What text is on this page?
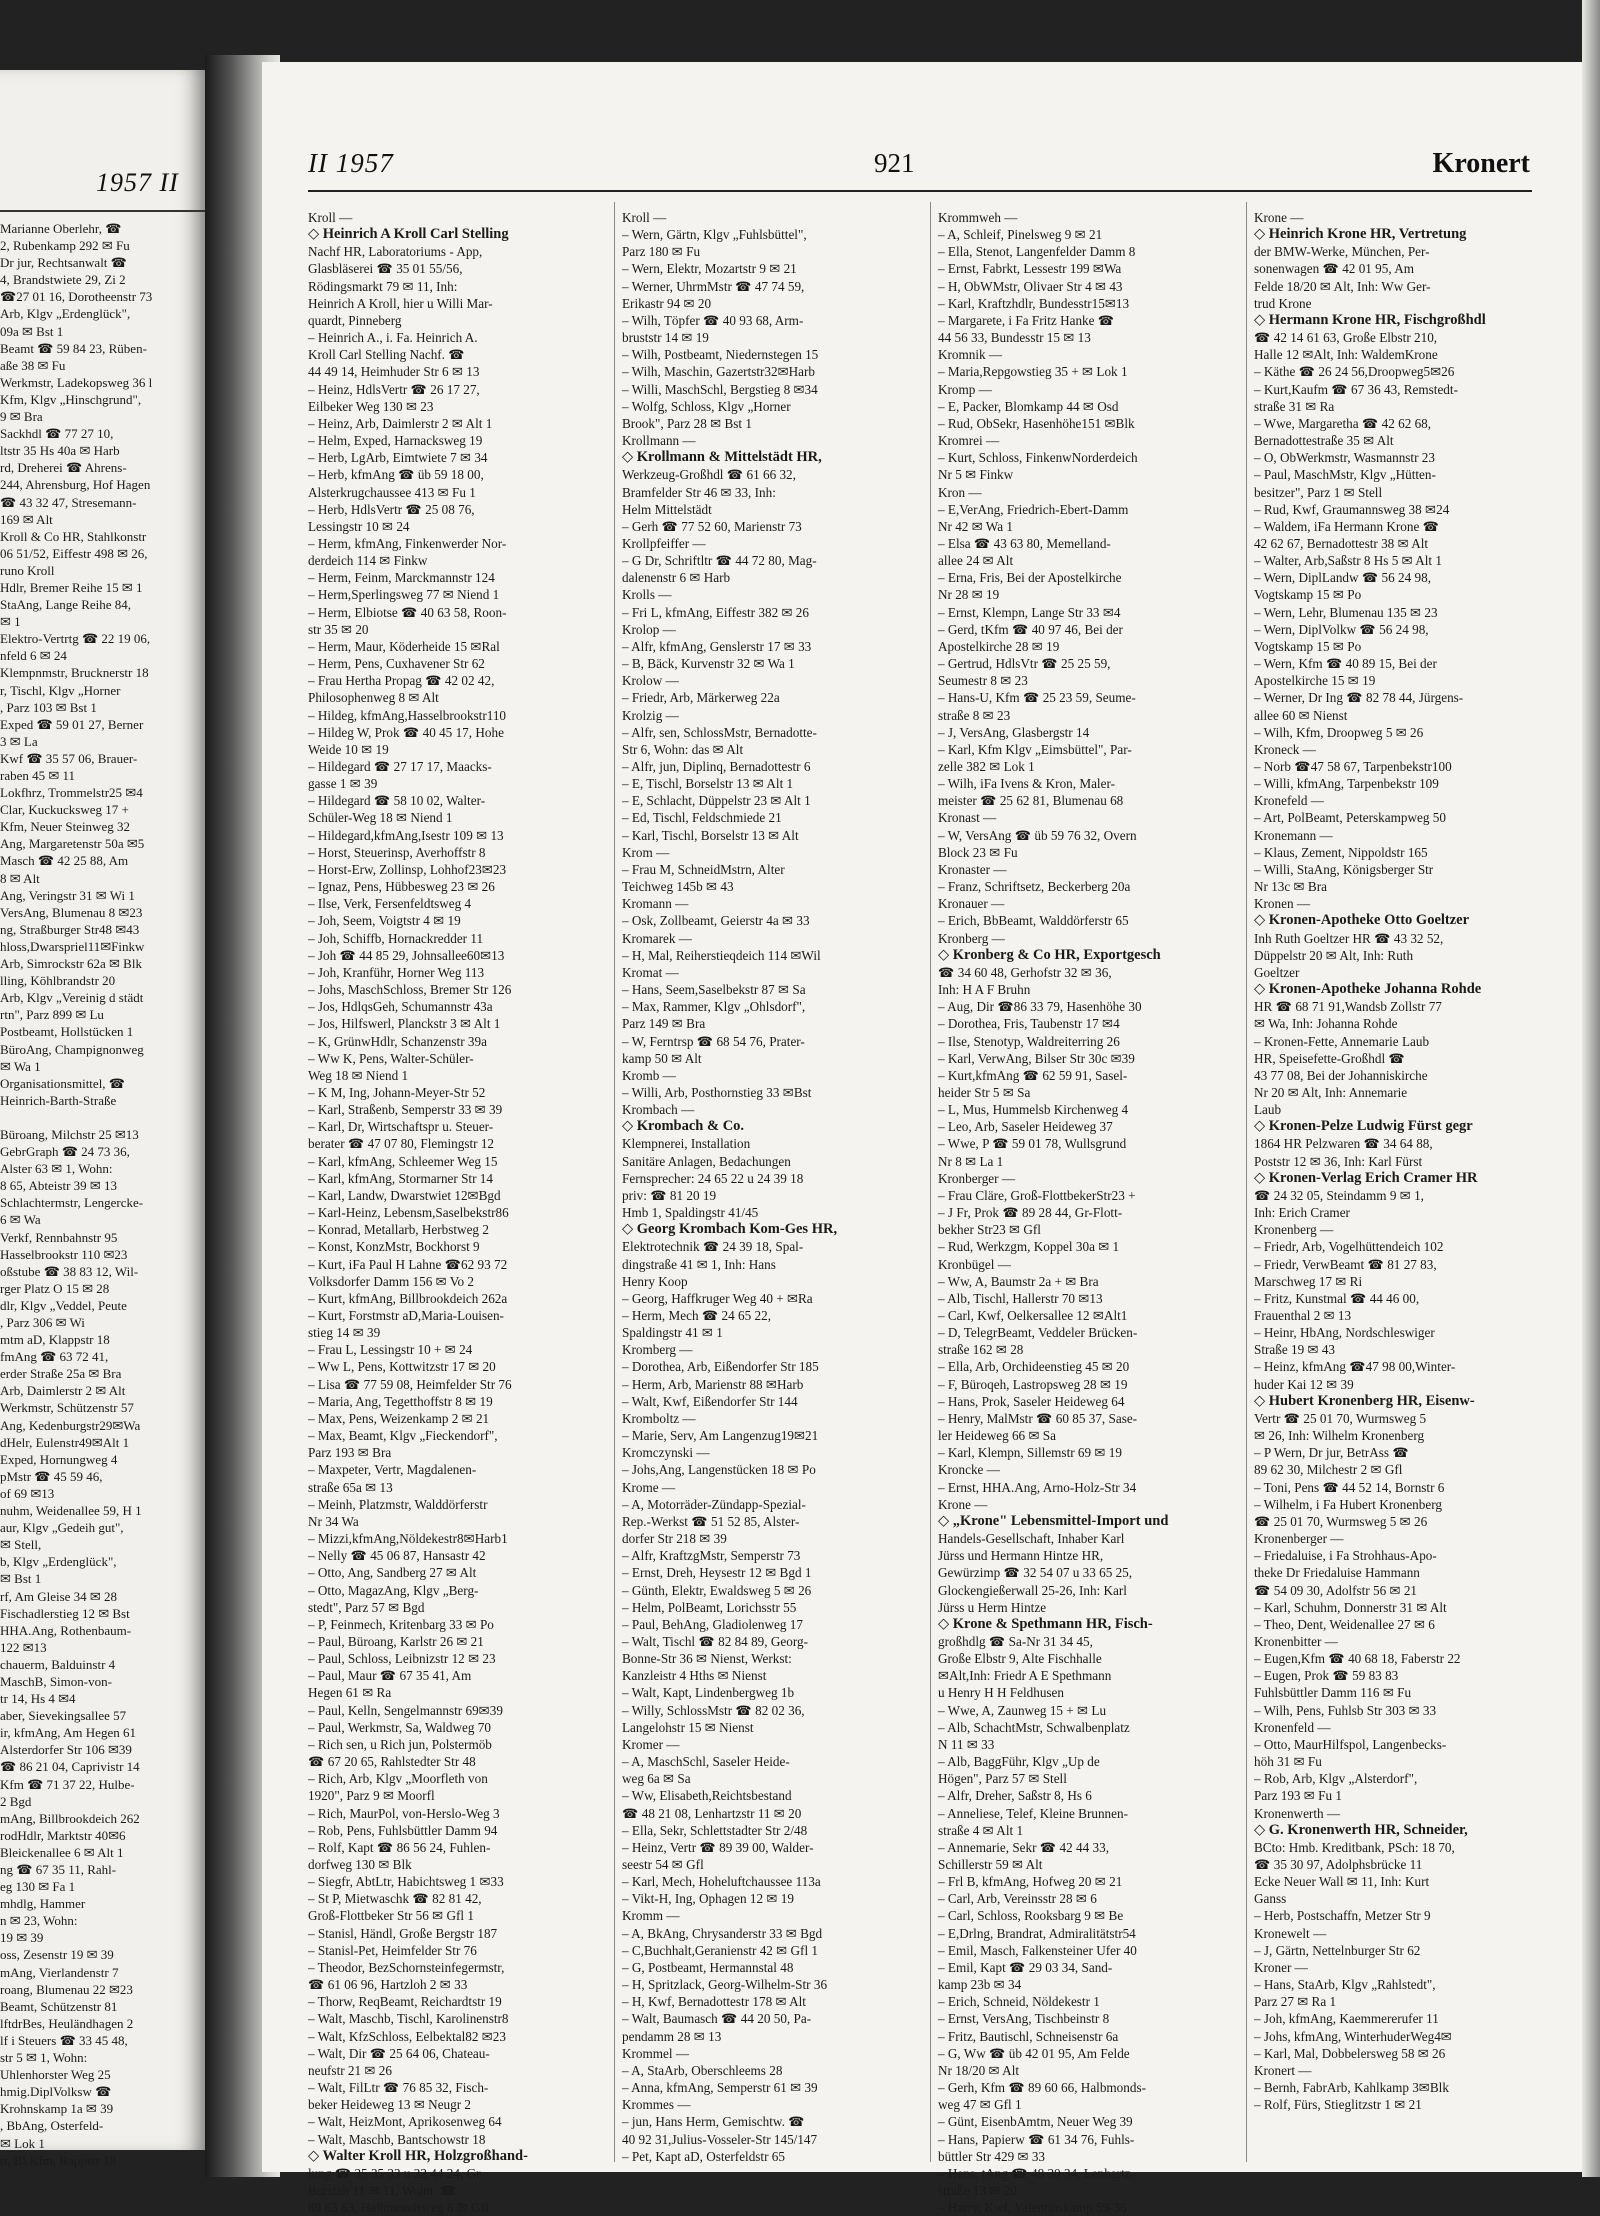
1957 II
Marianne Oberlehr, ☎
2, Rubenkamp 292 ✉ Fu
Dr jur, Rechtsanwalt ☎
4, Brandstwiete 29, Zi 2
☎27 01 16, Dorotheenstr 73
Arb, Klgv „Erdenglück",
09a ✉ Bst 1
Beamt ☎ 59 84 23, Rüben-
aße 38 ✉ Fu
Werkmstr, Ladekopsweg 36 l
Kfm, Klgv „Hinschgrund",
9 ✉ Bra
Sackhdl ☎ 77 27 10,
ltstr 35 Hs 40a ✉ Harb
rd, Dreherei ☎ Ahrens-
244, Ahrensburg, Hof Hagen
☎ 43 32 47, Stresemann-
169 ✉ Alt
Kroll & Co HR, Stahlkonstr
06 51/52, Eiffestr 498 ✉ 26,
runo Kroll
Hdlr, Bremer Reihe 15 ✉ 1
StaAng, Lange Reihe 84,
✉ 1
Elektro-Vertrtg ☎ 22 19 06,
nfeld 6 ✉ 24
Klempnmstr, Brucknerstr 18
r, Tischl, Klgv „Horner
, Parz 103 ✉ Bst 1
Exped ☎ 59 01 27, Berner
3 ✉ La
Kwf ☎ 35 57 06, Brauer-
raben 45 ✉ 11
Lokfhrz, Trommelstr25 ✉4
Clar, Kuckucksweg 17 +
Kfm, Neuer Steinweg 32
Ang, Margaretenstr 50a ✉5
Masch ☎ 42 25 88, Am
8 ✉ Alt
Ang, Veringstr 31 ✉ Wi 1
VersAng, Blumenau 8 ✉23
ng, Straßburger Str48 ✉43
hloss,Dwarspriel11✉Finkw
Arb, Simrockstr 62a ✉ Blk
lling, Köhlbrandstr 20
Arb, Klgv „Vereinig d städt
rtn", Parz 899 ✉ Lu
Postbeamt, Hollstücken 1
BüroAng, Champignonweg
✉ Wa 1
Organisationsmittel, ☎
Heinrich-Barth-Straße

Büroang, Milchstr 25 ✉13
GebrGraph ☎ 24 73 36,
Alster 63 ✉ 1, Wohn:
8 65, Abteistr 39 ✉ 13
Schlachtermstr, Lengercke-
6 ✉ Wa
Verkf, Rennbahnstr 95
Hasselbrookstr 110 ✉23
oßstube ☎ 38 83 12, Wil-
rger Platz O 15 ✉ 28
dlr, Klgv „Veddel, Peute
, Parz 306 ✉ Wi
mtm aD, Klappstr 18
fmAng ☎ 63 72 41,
erder Straße 25a ✉ Bra
Arb, Daimlerstr 2 ✉ Alt
Werkmstr, Schützenstr 57
Ang, Kedenburgstr29✉Wa
dHelr, Eulenstr49✉Alt 1
Exped, Hornungweg 4
pMstr ☎ 45 59 46,
of 69 ✉13
nuhm, Weidenallee 59, H 1
aur, Klgv „Gedeih gut",
✉ Stell,
b, Klgv „Erdenglück",
✉ Bst 1
rf, Am Gleise 34 ✉ 28
Fischadlerstieg 12 ✉ Bst
HHA.Ang, Rothenbaum-
122 ✉13
chauerm, Balduinstr 4
MaschB, Simon-von-
tr 14, Hs 4 ✉4
aber, Sievekingsallee 57
ir, kfmAng, Am Hegen 61
Alsterdorfer Str 106 ✉39
☎ 86 21 04, Caprivistr 14
Kfm ☎ 71 37 22, Hulbe-
2 Bgd
mAng, Billbrookdeich 262
rodHdlr, Marktstr 40✉6
Bleickenallee 6 ✉ Alt 1
ng ☎ 67 35 11, Rahl-
eg 130 ✉ Fa 1
mhdlg, Hammer
n ✉ 23, Wohn:
19 ✉ 39
oss, Zesenstr 19 ✉ 39
mAng, Vierlandenstr 7
roang, Blumenau 22 ✉23
Beamt, Schützenstr 81
lftdrBes, Heuländhagen 2
lf i Steuers ☎ 33 45 48,
str 5 ✉ 1, Wohn:
Uhlenhorster Weg 25
hmig.DiplVolksw ☎
Krohnskamp 1a ✉ 39
, BbAng, Osterfeld-
✉ Lok 1
tr, BkKfm, Rappstr 18
II 1957	921	Kronert
Kroll —
◇ Heinrich A Kroll Carl Stelling
Nachf HR, Laboratoriums - App,
Glasbläserei ☎ 35 01 55/56,
Rödingsmarkt 79 ✉ 11, Inh:
Heinrich A Kroll, hier u Willi Mar-
quardt, Pinneberg
– Heinrich A., i. Fa. Heinrich A.
Kroll Carl Stelling Nachf. ☎
44 49 14, Heimhuder Str 6 ✉ 13
– Heinz, HdlsVertr ☎ 26 17 27,
Eilbeker Weg 130 ✉ 23
– Heinz, Arb, Daimlerstr 2 ✉ Alt 1
– Helm, Exped, Harnacksweg 19
– Herb, LgArb, Eimtwiete 7 ✉ 34
– Herb, kfmAng ☎ üb 59 18 00,
Alsterkrugchaussee 413 ✉ Fu 1
– Herb, HdlsVertr ☎ 25 08 76,
Lessingstr 10 ✉ 24
– Herm, kfmAng, Finkenwerder Nor-
derdeich 114 ✉ Finkw
– Herm, Feinm, Marckmannstr 124
– Herm,Sperlingsweg 77 ✉ Niend 1
– Herm, Elbiotse ☎ 40 63 58, Roon-
str 35 ✉ 20
– Herm, Maur, Köderheide 15 ✉Ral
– Herm, Pens, Cuxhavener Str 62
– Frau Hertha Propag ☎ 42 02 42,
Philosophenweg 8 ✉ Alt
– Hildeg, kfmAng,Hasselbrookstr110
– Hildeg W, Prok ☎ 40 45 17, Hohe
Weide 10 ✉ 19
– Hildegard ☎ 27 17 17, Maacks-
gasse 1 ✉ 39
– Hildegard ☎ 58 10 02, Walter-
Schüler-Weg 18 ✉ Niend 1
– Hildegard,kfmAng,Isestr 109 ✉ 13
– Horst, Steuerinsp, Averhoffstr 8
– Horst-Erw, Zollinsp, Lohhof23✉23
– Ignaz, Pens, Hübbesweg 23 ✉ 26
– Ilse, Verk, Fersenfeldtsweg 4
– Joh, Seem, Voigtstr 4 ✉ 19
– Joh, Schiffb, Hornackredder 11
– Joh ☎ 44 85 29, Johnsallee60✉13
– Joh, Kranführ, Horner Weg 113
– Johs, MaschSchloss, Bremer Str 126
– Jos, HdlqsGeh, Schumannstr 43a
– Jos, Hilfswerl, Planckstr 3 ✉ Alt 1
– K, GrünwHdlr, Schanzenstr 39a
– Ww K, Pens, Walter-Schüler-
Weg 18 ✉ Niend 1
– K M, Ing, Johann-Meyer-Str 52
– Karl, Straßenb, Semperstr 33 ✉ 39
– Karl, Dr, Wirtschaftspr u. Steuer-
berater ☎ 47 07 80, Flemingstr 12
– Karl, kfmAng, Schleemer Weg 15
– Karl, kfmAng, Stormarner Str 14
– Karl, Landw, Dwarstwiet 12✉Bgd
– Karl-Heinz, Lebensm,Saselbekstr86
– Konrad, Metallarb, Herbstweg 2
– Konst, KonzMstr, Bockhorst 9
– Kurt, iFa Paul H Lahne ☎62 93 72
Volksdorfer Damm 156 ✉ Vo 2
– Kurt, kfmAng, Billbrookdeich 262a
– Kurt, Forstmstr aD,Maria-Louisen-
stieg 14 ✉ 39
– Frau L, Lessingstr 10 + ✉ 24
– Ww L, Pens, Kottwitzstr 17 ✉ 20
– Lisa ☎ 77 59 08, Heimfelder Str 76
– Maria, Ang, Tegetthoffstr 8 ✉ 19
– Max, Pens, Weizenkamp 2 ✉ 21
– Max, Beamt, Klgv „Fieckendorf",
Parz 193 ✉ Bra
– Maxpeter, Vertr, Magdalenen-
straße 65a ✉ 13
– Meinh, Platzmstr, Walddörferstr
Nr 34 Wa
– Mizzi,kfmAng,Nöldekestr8✉Harb1
– Nelly ☎ 45 06 87, Hansastr 42
– Otto, Ang, Sandberg 27 ✉ Alt
– Otto, MagazAng, Klgv „Berg-
stedt", Parz 57 ✉ Bgd
– P, Feinmech, Kritenbarg 33 ✉ Po
– Paul, Büroang, Karlstr 26 ✉ 21
– Paul, Schloss, Leibnizstr 12 ✉ 23
– Paul, Maur ☎ 67 35 41, Am
Hegen 61 ✉ Ra
– Paul, Kelln, Sengelmannstr 69✉39
– Paul, Werkmstr, Sa, Waldweg 70
– Rich sen, u Rich jun, Polstermöb
☎ 67 20 65, Rahlstedter Str 48
– Rich, Arb, Klgv „Moorfleth von
1920", Parz 9 ✉ Moorfl
– Rich, MaurPol, von-Herslo-Weg 3
– Rob, Pens, Fuhlsbüttler Damm 94
– Rolf, Kapt ☎ 86 56 24, Fuhlen-
dorfweg 130 ✉ Blk
– Siegfr, AbtLtr, Habichtsweg 1 ✉33
– St P, Mietwaschk ☎ 82 81 42,
Groß-Flottbeker Str 56 ✉ Gfl 1
– Stanisl, Händl, Große Bergstr 187
– Stanisl-Pet, Heimfelder Str 76
– Theodor, BezSchornsteinfegermstr,
☎ 61 06 96, Hartzloh 2 ✉ 33
– Thorw, ReqBeamt, Reichardtstr 19
– Walt, Maschb, Tischl, Karolinenstr8
– Walt, KfzSchloss, Eelbektal82 ✉23
– Walt, Dir ☎ 25 64 06, Chateau-
neufstr 21 ✉ 26
– Walt, FilLtr ☎ 76 85 32, Fisch-
beker Heideweg 13 ✉ Neugr 2
– Walt, HeizMont, Aprikosenweg 64
– Walt, Maschb, Bantschowstr 18
◇ Walter Kroll HR, Holzgroßhand-
lung ☎ 35 35 33 u 32 44 24, Gr
Burstah 11 ✉ 11, Wohn: ☎
89 63 63, Halbmondsweg 6 ✉ Gfl
Kroll —
– Wern, Gärtn, Klgv „Fuhlsbüttel",
Parz 180 ✉ Fu
– Wern, Elektr, Mozartstr 9 ✉ 21
– Werner, UhrmMstr ☎ 47 74 59,
Erikastr 94 ✉ 20
– Wilh, Töpfer ☎ 40 93 68, Arm-
bruststr 14 ✉ 19
– Wilh, Postbeamt, Niedernstegen 15
– Wilh, Maschin, Gazertstr32✉Harb
– Willi, MaschSchl, Bergstieg 8 ✉34
– Wolfg, Schloss, Klgv „Horner
Brook", Parz 28 ✉ Bst 1
Krollmann —
◇ Krollmann & Mittelstädt HR,
Werkzeug-Großhdl ☎ 61 66 32,
Bramfelder Str 46 ✉ 33, Inh:
Helm Mittelstädt
– Gerh ☎ 77 52 60, Marienstr 73
Krollpfeiffer —
– G Dr, Schriftltr ☎ 44 72 80, Mag-
dalenenstr 6 ✉ Harb
Krolls —
– Fri L, kfmAng, Eiffestr 382 ✉ 26
Krolop —
– Alfr, kfmAng, Genslerstr 17 ✉ 33
– B, Bäck, Kurvenstr 32 ✉ Wa 1
Krolow —
– Friedr, Arb, Märkerweg 22a
Krolzig —
– Alfr, sen, SchlossMstr, Bernadotte-
Str 6, Wohn: das ✉ Alt
– Alfr, jun, Diplinq, Bernadottestr 6
– E, Tischl, Borselstr 13 ✉ Alt 1
– E, Schlacht, Düppelstr 23 ✉ Alt 1
– Ed, Tischl, Feldschmiede 21
– Karl, Tischl, Borselstr 13 ✉ Alt
Krom —
– Frau M, SchneidMstrn, Alter
Teichweg 145b ✉ 43
Kromann —
– Osk, Zollbeamt, Geierstr 4a ✉ 33
Kromarek —
– H, Mal, Reiherstieqdeich 114 ✉Wil
Kromat —
– Hans, Seem,Saselbekstr 87 ✉ Sa
– Max, Rammer, Klgv „Ohlsdorf",
Parz 149 ✉ Bra
– W, Ferntrsp ☎ 68 54 76, Prater-
kamp 50 ✉ Alt
Kromb —
– Willi, Arb, Posthornstieg 33 ✉Bst
Krombach —
◇ Krombach & Co.
Klempnerei, Installation
Sanitäre Anlagen, Bedachungen
Fernsprecher: 24 65 22 u 24 39 18
priv: ☎ 81 20 19
Hmb 1, Spaldingstr 41/45
◇ Georg Krombach Kom-Ges HR,
Elektrotechnik ☎ 24 39 18, Spal-
dingstraße 41 ✉ 1, Inh: Hans
Henry Koop
– Georg, Haffkruger Weg 40 + ✉Ra
– Herm, Mech ☎ 24 65 22,
Spaldingstr 41 ✉ 1
Kromberg —
– Dorothea, Arb, Eißendorfer Str 185
– Herm, Arb, Marienstr 88 ✉Harb
– Walt, Kwf, Eißendorfer Str 144
Kromboltz —
– Marie, Serv, Am Langenzug19✉21
Kromczynski —
– Johs,Ang, Langenstücken 18 ✉ Po
Krome —
– A, Motorräder-Zündapp-Spezial-
Rep.-Werkst ☎ 51 52 85, Alster-
dorfer Str 218 ✉ 39
– Alfr, KraftzgMstr, Semperstr 73
– Ernst, Dreh, Heysestr 12 ✉ Bgd 1
– Günth, Elektr, Ewaldsweg 5 ✉ 26
– Helm, PolBeamt, Lorichsstr 55
– Paul, BehAng, Gladiolenweg 17
– Walt, Tischl ☎ 82 84 89, Georg-
Bonne-Str 36 ✉ Nienst, Werkst:
Kanzleistr 4 Hths ✉ Nienst
– Walt, Kapt, Lindenbergweg 1b
– Willy, SchlossMstr ☎ 82 02 36,
Langelohstr 15 ✉ Nienst
Kromer —
– A, MaschSchl, Saseler Heide-
weg 6a ✉ Sa
– Ww, Elisabeth,Reichtsbestand
☎ 48 21 08, Lenhartzstr 11 ✉ 20
– Ella, Sekr, Schlettstadter Str 2/48
– Heinz, Vertr ☎ 89 39 00, Walder-
seestr 54 ✉ Gfl
– Karl, Mech, Hoheluftchaussee 113a
– Vikt-H, Ing, Ophagen 12 ✉ 19
Kromm —
– A, BkAng, Chrysanderstr 33 ✉ Bgd
– C,Buchhalt,Geranienstr 42 ✉ Gfl 1
– G, Postbeamt, Hermannstal 48
– H, Spritzlack, Georg-Wilhelm-Str 36
– H, Kwf, Bernadottestr 178 ✉ Alt
– Walt, Baumasch ☎ 44 20 50, Pa-
pendamm 28 ✉ 13
Krommel —
– A, StaArb, Oberschleems 28
– Anna, kfmAng, Semperstr 61 ✉ 39
Krommes —
– jun, Hans Herm, Gemischtw. ☎
40 92 31,Julius-Vosseler-Str 145/147
– Pet, Kapt aD, Osterfeldstr 65
Krommweh —
– A, Schleif, Pinelsweg 9 ✉ 21
– Ella, Stenot, Langenfelder Damm 8
– Ernst, Fabrkt, Lessestr 199 ✉Wa
– H, ObWMstr, Olivaer Str 4 ✉ 43
– Karl, Kraftzhdlr, Bundesstr15✉13
– Margarete, i Fa Fritz Hanke ☎
44 56 33, Bundesstr 15 ✉ 13
Kromnik —
– Maria,Repgowstieg 35 + ✉ Lok 1
Kromp —
– E, Packer, Blomkamp 44 ✉ Osd
– Rud, ObSekr, Hasenhöhe151 ✉Blk
Kromrei —
– Kurt, Schloss, FinkenwNorderdeich
Nr 5 ✉ Finkw
Kron —
– E,VerAng, Friedrich-Ebert-Damm
Nr 42 ✉ Wa 1
– Elsa ☎ 43 63 80, Memelland-
allee 24 ✉ Alt
– Erna, Fris, Bei der Apostelkirche
Nr 28 ✉ 19
– Ernst, Klempn, Lange Str 33 ✉4
– Gerd, tKfm ☎ 40 97 46, Bei der
Apostelkirche 28 ✉ 19
– Gertrud, HdlsVtr ☎ 25 25 59,
Seumestr 8 ✉ 23
– Hans-U, Kfm ☎ 25 23 59, Seume-
straße 8 ✉ 23
– J, VersAng, Glasbergstr 14
– Karl, Kfm Klgv „Eimsbüttel", Par-
zelle 382 ✉ Lok 1
– Wilh, iFa Ivens & Kron, Maler-
meister ☎ 25 62 81, Blumenau 68
Kronast —
– W, VersAng ☎ üb 59 76 32, Overn
Block 23 ✉ Fu
Kronaster —
– Franz, Schriftsetz, Beckerberg 20a
Kronauer —
– Erich, BbBeamt, Walddörferstr 65
Kronberg —
◇ Kronberg & Co HR, Exportgesch
☎ 34 60 48, Gerhofstr 32 ✉ 36,
Inh: H A F Bruhn
– Aug, Dir ☎86 33 79, Hasenhöhe 30
– Dorothea, Fris, Taubenstr 17 ✉4
– Ilse, Stenotyp, Waldreiterring 26
– Karl, VerwAng, Bilser Str 30c ✉39
– Kurt,kfmAng ☎ 62 59 91, Sasel-
heider Str 5 ✉ Sa
– L, Mus, Hummelsb Kirchenweg 4
– Leo, Arb, Saseler Heideweg 37
– Wwe, P ☎ 59 01 78, Wullsgrund
Nr 8 ✉ La 1
Kronberger —
– Frau Cläre, Groß-FlottbekerStr23 +
– J Fr, Prok ☎ 89 28 44, Gr-Flott-
bekher Str23 ✉ Gfl
– Rud, Werkzgm, Koppel 30a ✉ 1
Kronbügel —
– Ww, A, Baumstr 2a + ✉ Bra
– Alb, Tischl, Hallerstr 70 ✉13
– Carl, Kwf, Oelkersallee 12 ✉Alt1
– D, TelegrBeamt, Veddeler Brücken-
straße 162 ✉ 28
– Ella, Arb, Orchideenstieg 45 ✉ 20
– F, Büroqeh, Lastropsweg 28 ✉ 19
– Hans, Prok, Saseler Heideweg 64
– Henry, MalMstr ☎ 60 85 37, Sase-
ler Heideweg 66 ✉ Sa
– Karl, Klempn, Sillemstr 69 ✉ 19
Kroncke —
– Ernst, HHA.Ang, Arno-Holz-Str 34
Krone —
◇ „Krone" Lebensmittel-Import und
Handels-Gesellschaft, Inhaber Karl
Jürss und Hermann Hintze HR,
Gewürzimp ☎ 32 54 07 u 33 65 25,
Glockengießerwall 25-26, Inh: Karl
Jürss u Herm Hintze
◇ Krone & Spethmann HR, Fisch-
großhdlg ☎ Sa-Nr 31 34 45,
Große Elbstr 9, Alte Fischhalle
✉Alt,Inh: Friedr A E Spethmann
u Henry H H Feldhusen
– Wwe, A, Zaunweg 15 + ✉ Lu
– Alb, SchachtMstr, Schwalbenplatz
N 11 ✉ 33
– Alb, BaggFühr, Klgv „Up de
Högen", Parz 57 ✉ Stell
– Alfr, Dreher, Saßstr 8, Hs 6
– Anneliese, Telef, Kleine Brunnen-
straße 4 ✉ Alt 1
– Annemarie, Sekr ☎ 42 44 33,
Schillerstr 59 ✉ Alt
– Frl B, kfmAng, Hofweg 20 ✉ 21
– Carl, Arb, Vereinsstr 28 ✉ 6
– Carl, Schloss, Rooksbarg 9 ✉ Be
– E,Drlng, Brandrat, Admiralitätstr54
– Emil, Masch, Falkensteiner Ufer 40
– Emil, Kapt ☎ 29 03 34, Sand-
kamp 23b ✉ 34
– Erich, Schneid, Nöldekestr 1
– Ernst, VersAng, Tischbeinstr 8
– Fritz, Bautischl, Schneisenstr 6a
– G, Ww ☎ üb 42 01 95, Am Felde
Nr 18/20 ✉ Alt
– Gerh, Kfm ☎ 89 60 66, Halbmonds-
weg 47 ✉ Gfl 1
– Günt, EisenbAmtm, Neuer Weg 39
– Hans, Papierw ☎ 61 34 76, Fuhls-
büttler Str 429 ✉ 33
– Hans, tAng ☎ 48 30 34, Lenhartz-
straße 13 ✉ 20
– Harry, Kwf, Valentinskamp 59-36
Krone —
◇ Heinrich Krone HR, Vertretung
der BMW-Werke, München, Per-
sonenwagen ☎ 42 01 95, Am
Felde 18/20 ✉ Alt, Inh: Ww Ger-
trud Krone
◇ Hermann Krone HR, Fischgroßhdl
☎ 42 14 61 63, Große Elbstr 210,
Halle 12 ✉Alt, Inh: WaldemKrone
– Käthe ☎ 26 24 56,Droopweg5✉26
– Kurt,Kaufm ☎ 67 36 43, Remstedt-
straße 31 ✉ Ra
– Wwe, Margaretha ☎ 42 62 68,
Bernadottestraße 35 ✉ Alt
– O, ObWerkmstr, Wasmannstr 23
– Paul, MaschMstr, Klgv „Hütten-
besitzer", Parz 1 ✉ Stell
– Rud, Kwf, Graumannsweg 38 ✉24
– Waldem, iFa Hermann Krone ☎
42 62 67, Bernadottestr 38 ✉ Alt
– Walter, Arb,Saßstr 8 Hs 5 ✉ Alt 1
– Wern, DiplLandw ☎ 56 24 98,
Vogtskamp 15 ✉ Po
– Wern, Lehr, Blumenau 135 ✉ 23
– Wern, DiplVolkw ☎ 56 24 98,
Vogtskamp 15 ✉ Po
– Wern, Kfm ☎ 40 89 15, Bei der
Apostelkirche 15 ✉ 19
– Werner, Dr Ing ☎ 82 78 44, Jürgens-
allee 60 ✉ Nienst
– Wilh, Kfm, Droopweg 5 ✉ 26
Kroneck —
– Norb ☎47 58 67, Tarpenbekstr100
– Willi, kfmAng, Tarpenbekstr 109
Kronefeld —
– Art, PolBeamt, Peterskampweg 50
Kronemann —
– Klaus, Zement, Nippoldstr 165
– Willi, StaAng, Königsberger Str
Nr 13c ✉ Bra
Kronen —
◇ Kronen-Apotheke Otto Goeltzer
Inh Ruth Goeltzer HR ☎ 43 32 52,
Düppelstr 20 ✉ Alt, Inh: Ruth
Goeltzer
◇ Kronen-Apotheke Johanna Rohde
HR ☎ 68 71 91,Wandsb Zollstr 77
✉ Wa, Inh: Johanna Rohde
– Kronen-Fette, Annemarie Laub
HR, Speisefette-Großhdl ☎
43 77 08, Bei der Johanniskirche
Nr 20 ✉ Alt, Inh: Annemarie
Laub
◇ Kronen-Pelze Ludwig Fürst gegr
1864 HR Pelzwaren ☎ 34 64 88,
Poststr 12 ✉ 36, Inh: Karl Fürst
◇ Kronen-Verlag Erich Cramer HR
☎ 24 32 05, Steindamm 9 ✉ 1,
Inh: Erich Cramer
Kronenberg —
– Friedr, Arb, Vogelhüttendeich 102
– Friedr, VerwBeamt ☎ 81 27 83,
Marschweg 17 ✉ Ri
– Fritz, Kunstmal ☎ 44 46 00,
Frauenthal 2 ✉ 13
– Heinr, HbAng, Nordschleswiger
Straße 19 ✉ 43
– Heinz, kfmAng ☎47 98 00,Winter-
huder Kai 12 ✉ 39
◇ Hubert Kronenberg HR, Eisenw-
Vertr ☎ 25 01 70, Wurmsweg 5
✉ 26, Inh: Wilhelm Kronenberg
– P Wern, Dr jur, BetrAss ☎
89 62 30, Milchestr 2 ✉ Gfl
– Toni, Pens ☎ 44 52 14, Bornstr 6
– Wilhelm, i Fa Hubert Kronenberg
☎ 25 01 70, Wurmsweg 5 ✉ 26
Kronenberger —
– Friedaluise, i Fa Strohhaus-Apo-
theke Dr Friedaluise Hammann
☎ 54 09 30, Adolfstr 56 ✉ 21
– Karl, Schuhm, Donnerstr 31 ✉ Alt
– Theo, Dent, Weidenallee 27 ✉ 6
Kronenbitter —
– Eugen,Kfm ☎ 40 68 18, Faberstr 22
– Eugen, Prok ☎ 59 83 83
Fuhlsbüttler Damm 116 ✉ Fu
– Wilh, Pens, Fuhlsb Str 303 ✉ 33
Kronenfeld —
– Otto, MaurHilfspol, Langenbecks-
höh 31 ✉ Fu
– Rob, Arb, Klgv „Alsterdorf",
Parz 193 ✉ Fu 1
Kronenwerth —
◇ G. Kronenwerth HR, Schneider,
BCto: Hmb. Kreditbank, PSch: 18 70,
☎ 35 30 97, Adolphsbrücke 11
Ecke Neuer Wall ✉ 11, Inh: Kurt
Ganss
– Herb, Postschaffn, Metzer Str 9
Kronewelt —
– J, Gärtn, Nettelnburger Str 62
Kroner —
– Hans, StaArb, Klgv „Rahlstedt",
Parz 27 ✉ Ra 1
– Joh, kfmAng, Kaemmererufer 11
– Johs, kfmAng, WinterhuderWeg4✉
– Karl, Mal, Dobbelersweg 58 ✉ 26
Kronert —
– Bernh, FabrArb, Kahlkamp 3✉Blk
– Rolf, Fürs, Stieglitzstr 1 ✉ 21
